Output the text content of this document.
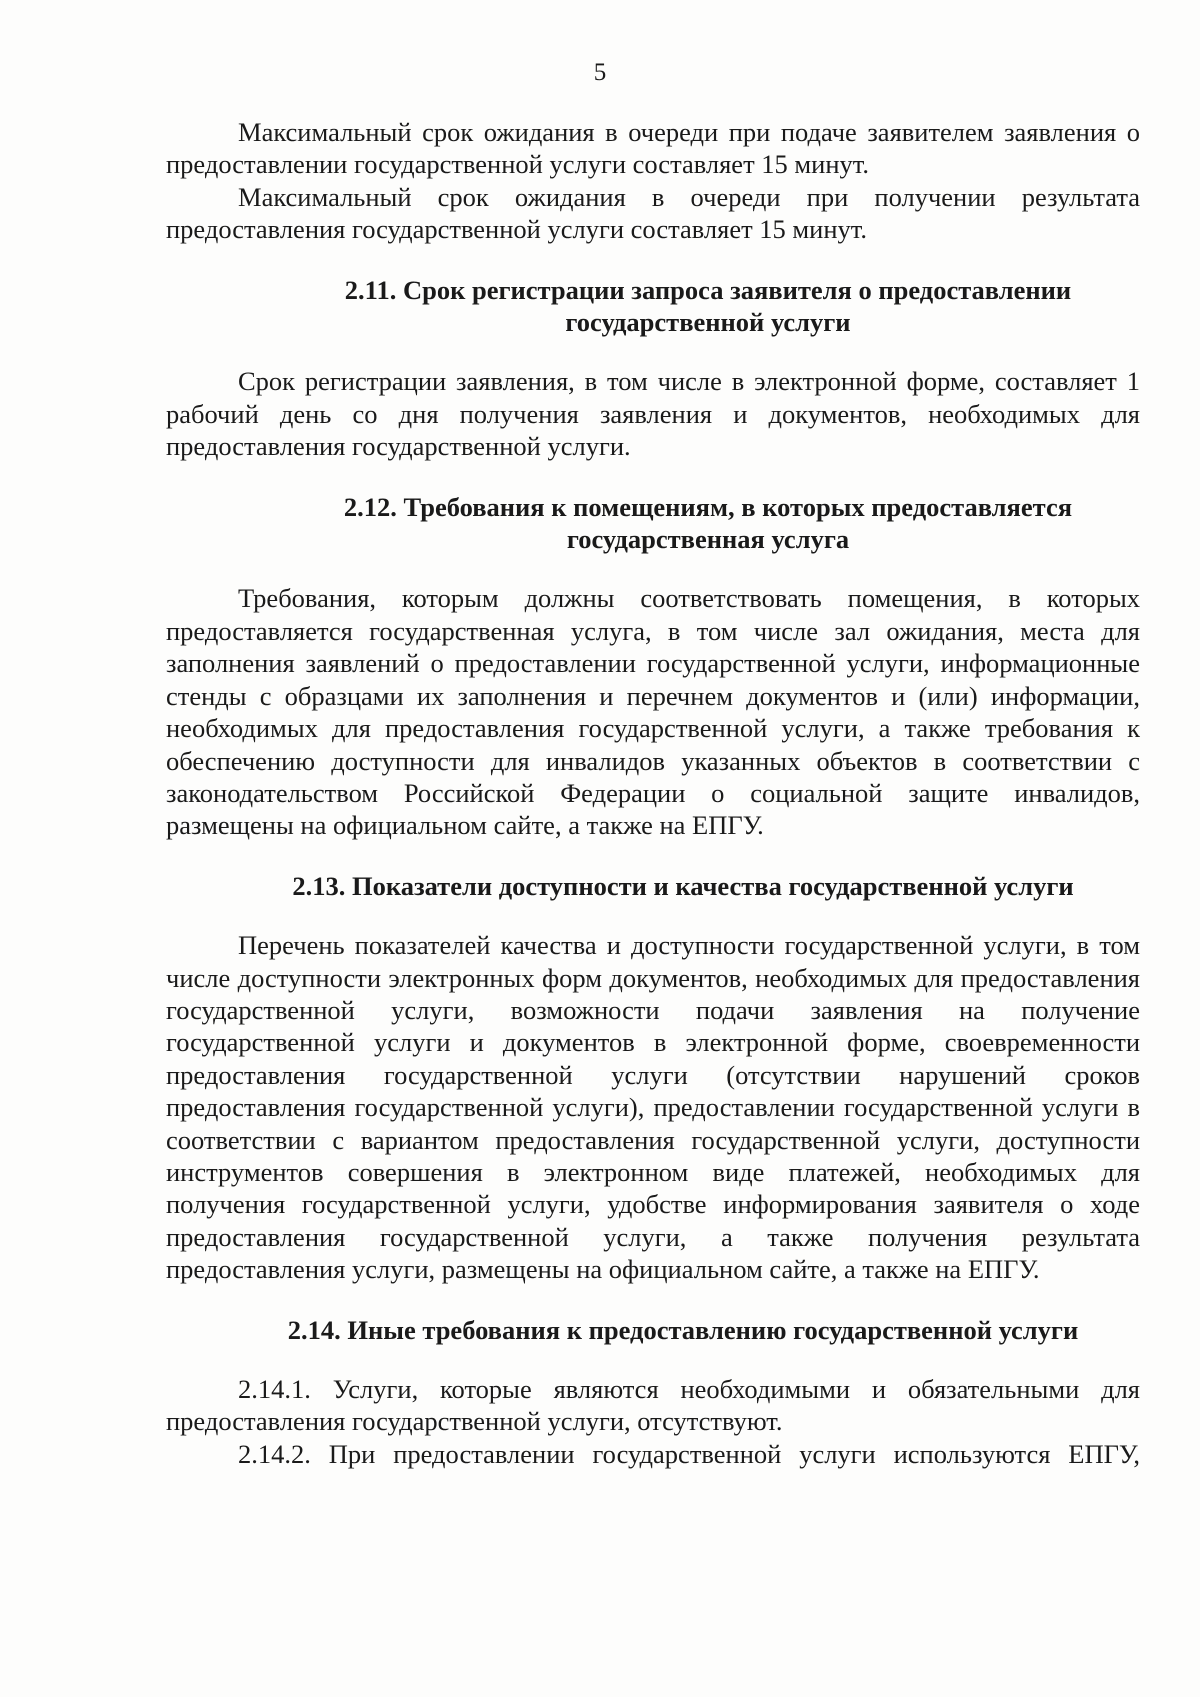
5

Максимальный срок ожидания в очереди при подаче заявителем заявления о предоставлении государственной услуги составляет 15 минут.

Максимальный срок ожидания в очереди при получении результата предоставления государственной услуги составляет 15 минут.

2.11. Срок регистрации запроса заявителя о предоставлении государственной услуги

Срок регистрации заявления, в том числе в электронной форме, составляет 1 рабочий день со дня получения заявления и документов, необходимых для предоставления государственной услуги.

2.12. Требования к помещениям, в которых предоставляется государственная услуга

Требования, которым должны соответствовать помещения, в которых предоставляется государственная услуга, в том числе зал ожидания, места для заполнения заявлений о предоставлении государственной услуги, информационные стенды с образцами их заполнения и перечнем документов и (или) информации, необходимых для предоставления государственной услуги, а также требования к обеспечению доступности для инвалидов указанных объектов в соответствии с законодательством Российской Федерации о социальной защите инвалидов, размещены на официальном сайте, а также на ЕПГУ.

2.13. Показатели доступности и качества государственной услуги

Перечень показателей качества и доступности государственной услуги, в том числе доступности электронных форм документов, необходимых для предоставления государственной услуги, возможности подачи заявления на получение государственной услуги и документов в электронной форме, своевременности предоставления государственной услуги (отсутствии нарушений сроков предоставления государственной услуги), предоставлении государственной услуги в соответствии с вариантом предоставления государственной услуги, доступности инструментов совершения в электронном виде платежей, необходимых для получения государственной услуги, удобстве информирования заявителя о ходе предоставления государственной услуги, а также получения результата предоставления услуги, размещены на официальном сайте, а также на ЕПГУ.

2.14. Иные требования к предоставлению государственной услуги

2.14.1. Услуги, которые являются необходимыми и обязательными для предоставления государственной услуги, отсутствуют.

2.14.2. При предоставлении государственной услуги используются ЕПГУ,
